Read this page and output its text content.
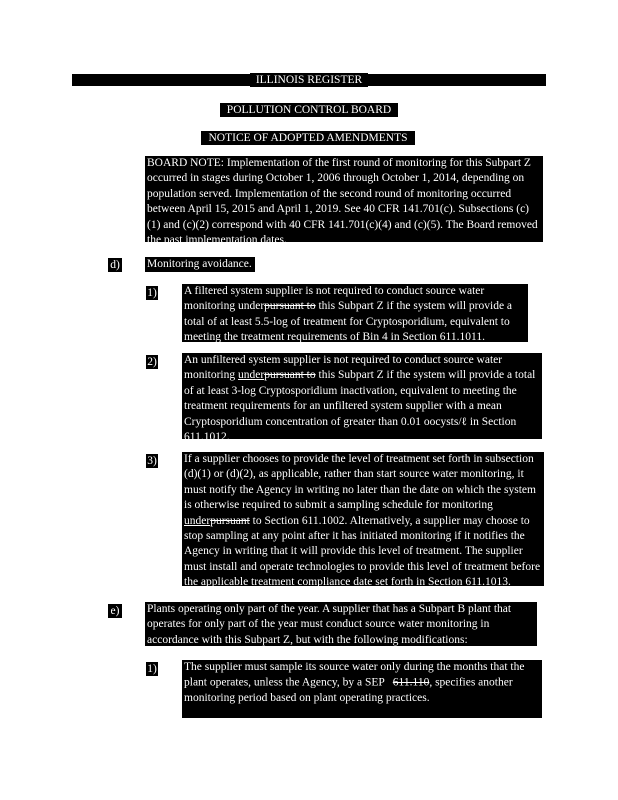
ILLINOIS REGISTER
POLLUTION CONTROL BOARD
NOTICE OF ADOPTED AMENDMENTS

BOARD NOTE: Implementation of the first round of monitoring for this Subpart Z occurred in stages during October 1, 2006 through October 1, 2014, depending on population served. Implementation of the second round of monitoring occurred between April 15, 2015 and April 1, 2019. See 40 CFR 141.701(c). Subsections (c)(1) and (c)(2) correspond with 40 CFR 141.701(c)(4) and (c)(5). The Board removed the past implementation dates.

d) Monitoring avoidance.
1) A filtered system supplier is not required to conduct source water monitoring underpursuant to this Subpart Z if the system will provide a total of at least 5.5-log of treatment for Cryptosporidium, equivalent to meeting the treatment requirements of Bin 4 in Section 611.1011.

2) An unfiltered system supplier is not required to conduct source water monitoring underpursuant to this Subpart Z if the system will provide a total of at least 3-log Cryptosporidium inactivation, equivalent to meeting the treatment requirements for an unfiltered system supplier with a mean Cryptosporidium concentration of greater than 0.01 oocysts/ℓ in Section 611.1012.

3) If a supplier chooses to provide the level of treatment set forth in subsection (d)(1) or (d)(2), as applicable, rather than start source water monitoring, it must notify the Agency in writing no later than the date on which the system is otherwise required to submit a sampling schedule for monitoring underpursuant to Section 611.1002. Alternatively, a supplier may choose to stop sampling at any point after it has initiated monitoring if it notifies the Agency in writing that it will provide this level of treatment. The supplier must install and operate technologies to provide this level of treatment before the applicable treatment compliance date set forth in Section 611.1013.

e) Plants operating only part of the year. A supplier that has a Subpart B plant that operates for only part of the year must conduct source water monitoring in accordance with this Subpart Z, but with the following modifications:

1) The supplier must sample its source water only during the months that the plant operates, unless the Agency, by a SEP 611.110, specifies another monitoring period based on plant operating practices.
